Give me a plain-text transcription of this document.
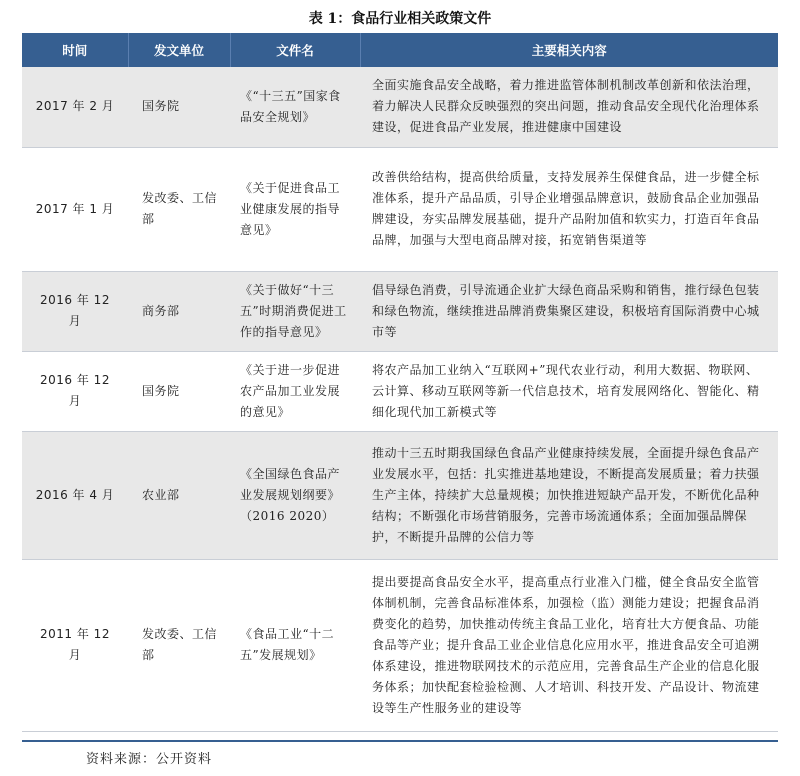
表 1：食品行业相关政策文件
时间	发文单位	文件名	主要相关内容
2017 年 2 月	国务院	《“十三五”国家食品安全规划》	全面实施食品安全战略，着力推进监管体制机制改革创新和依法治理，着力解决人民群众反映强烈的突出问题，推动食品安全现代化治理体系建设，促进食品产业发展，推进健康中国建设
2017 年 1 月	发改委、工信部	《关于促进食品工业健康发展的指导意见》	改善供给结构，提高供给质量，支持发展养生保健食品，进一步健全标准体系，提升产品品质，引导企业增强品牌意识，鼓励食品企业加强品牌建设，夯实品牌发展基础，提升产品附加值和软实力，打造百年食品品牌，加强与大型电商品牌对接，拓宽销售渠道等
2016 年 12 月	商务部	《关于做好“十三五”时期消费促进工作的指导意见》	倡导绿色消费，引导流通企业扩大绿色商品采购和销售，推行绿色包装和绿色物流，继续推进品牌消费集聚区建设，积极培育国际消费中心城市等
2016 年 12 月	国务院	《关于进一步促进农产品加工业发展的意见》	将农产品加工业纳入“互联网+”现代农业行动，利用大数据、物联网、云计算、移动互联网等新一代信息技术，培育发展网络化、智能化、精细化现代加工新模式等
2016 年 4 月	农业部	《全国绿色食品产业发展规划纲要》（2016 2020）	推动十三五时期我国绿色食品产业健康持续发展，全面提升绿色食品产业发展水平，包括：扎实推进基地建设，不断提高发展质量；着力扶强生产主体，持续扩大总量规模；加快推进短缺产品开发，不断优化品种结构；不断强化市场营销服务，完善市场流通体系；全面加强品牌保护，不断提升品牌的公信力等
2011 年 12 月	发改委、工信部	《食品工业“十二五”发展规划》	提出要提高食品安全水平，提高重点行业准入门槛，健全食品安全监管体制机制，完善食品标准体系，加强检（监）测能力建设；把握食品消费变化的趋势，加快推动传统主食品工业化，培育壮大方便食品、功能食品等产业；提升食品工业企业信息化应用水平，推进食品安全可追溯体系建设，推进物联网技术的示范应用，完善食品生产企业的信息化服务体系；加快配套检验检测、人才培训、科技开发、产品设计、物流建设等生产性服务业的建设等
资料来源：公开资料
